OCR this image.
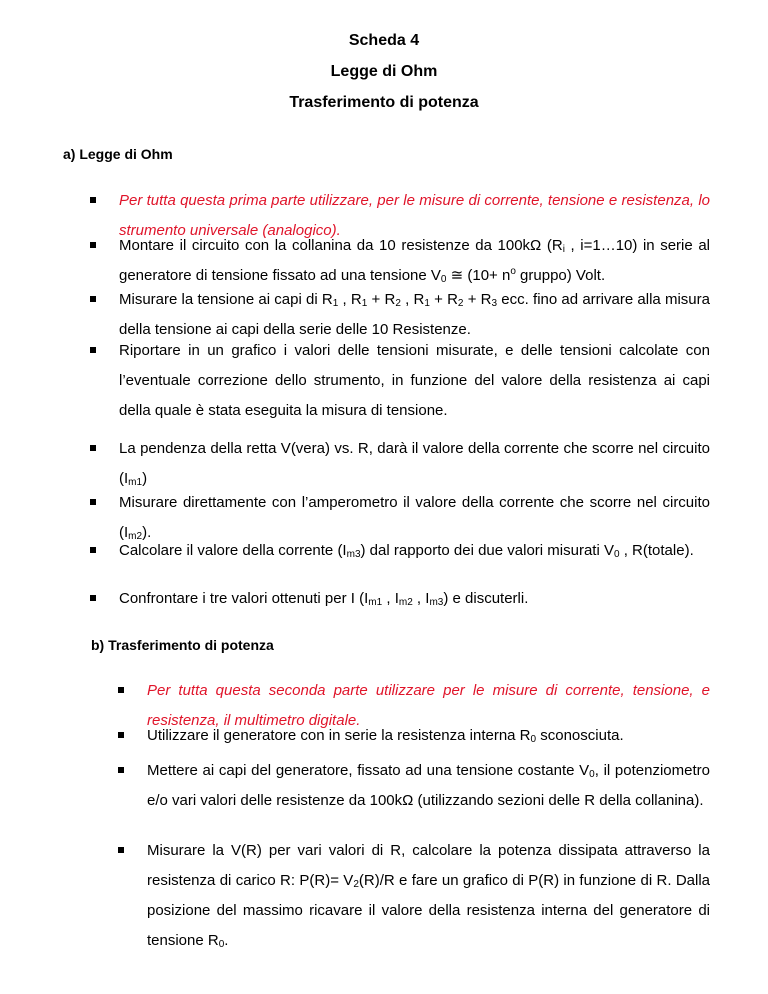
Scheda 4
Legge di Ohm
Trasferimento di potenza
a) Legge di Ohm
Per tutta questa prima parte utilizzare, per le misure di corrente, tensione e resistenza, lo strumento universale (analogico).
Montare il circuito con la collanina da 10 resistenze da 100kΩ ($R_i$ , i=1…10) in serie al generatore di tensione fissato ad una tensione $V_0$ ≅ ($10+ n^o$ gruppo) Volt.
Misurare la tensione ai capi di $R_1$ , $R_1 + R_2$ , $R_1 + R_2 + R_3$ ecc. fino ad arrivare alla misura della tensione ai capi della serie delle 10 Resistenze.
Riportare in un grafico i valori delle tensioni misurate, e delle tensioni calcolate con l’eventuale correzione dello strumento, in funzione del valore della resistenza ai capi della quale è stata eseguita la misura di tensione.
La pendenza della retta V(vera) vs. R, darà il valore della corrente che scorre nel circuito $(I_{m1})$
Misurare direttamente con l’amperometro il valore della corrente che scorre nel circuito $(I_{m2})$.
Calcolare il valore della corrente $(I_{m3})$ dal rapporto dei due valori misurati $V_0$ , R(totale).
Confrontare i tre valori ottenuti per I ($I_{m1}$ , $I_{m2}$ , $I_{m3}$) e discuterli.
b) Trasferimento di potenza
Per tutta questa seconda parte utilizzare per le misure di corrente, tensione, e resistenza, il multimetro digitale.
Utilizzare il generatore con in serie la resistenza interna $R_0$ sconosciuta.
Mettere ai capi del generatore, fissato ad una tensione costante $V_0$, il potenziometro e/o vari valori delle resistenze da 100kΩ (utilizzando sezioni delle R della collanina).
Misurare la V(R) per vari valori di R, calcolare la potenza dissipata attraverso la resistenza di carico R: $P(R)= V_2(R)/R$ e fare un grafico di P(R) in funzione di R. Dalla posizione del massimo ricavare il valore della resistenza interna del generatore di tensione $R_0$.
